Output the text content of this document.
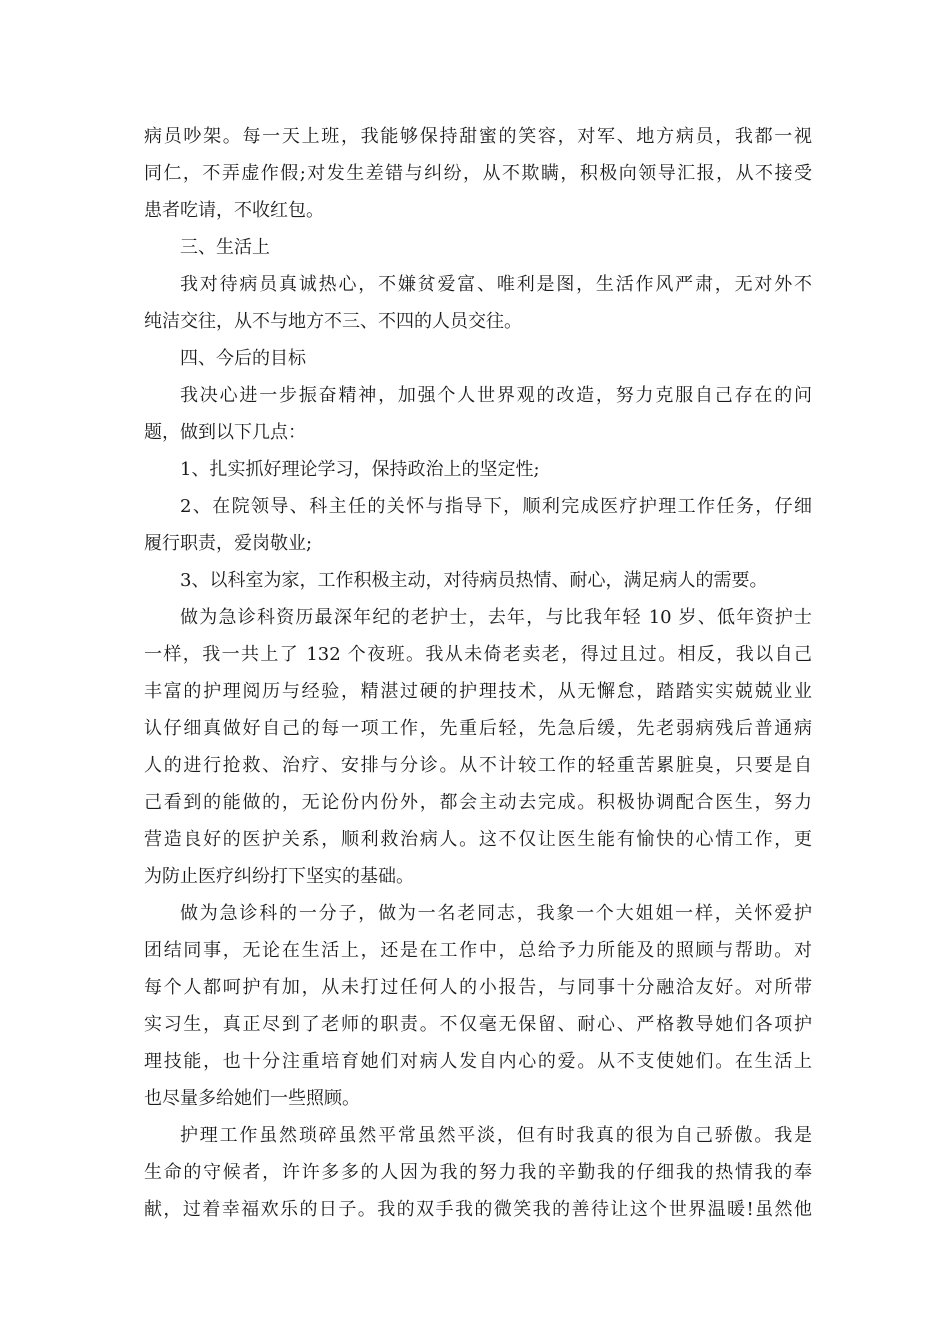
病员吵架。每一天上班，我能够保持甜蜜的笑容，对军、地方病员，我都一视
同仁，不弄虚作假;对发生差错与纠纷，从不欺瞒，积极向领导汇报，从不接受
患者吃请，不收红包。
三、生活上
我对待病员真诚热心，不嫌贫爱富、唯利是图，生活作风严肃，无对外不
纯洁交往，从不与地方不三、不四的人员交往。
四、今后的目标
我决心进一步振奋精神，加强个人世界观的改造，努力克服自己存在的问
题，做到以下几点：
1、扎实抓好理论学习，保持政治上的坚定性;
2、在院领导、科主任的关怀与指导下，顺利完成医疗护理工作任务，仔细
履行职责，爱岗敬业;
3、以科室为家，工作积极主动，对待病员热情、耐心，满足病人的需要。
做为急诊科资历最深年纪的老护士，去年，与比我年轻 10 岁、低年资护士
一样，我一共上了 132 个夜班。我从未倚老卖老，得过且过。相反，我以自己
丰富的护理阅历与经验，精湛过硬的护理技术，从无懈怠，踏踏实实兢兢业业
认仔细真做好自己的每一项工作，先重后轻，先急后缓，先老弱病残后普通病
人的进行抢救、治疗、安排与分诊。从不计较工作的轻重苦累脏臭，只要是自
己看到的能做的，无论份内份外，都会主动去完成。积极协调配合医生，努力
营造良好的医护关系，顺利救治病人。这不仅让医生能有愉快的心情工作，更
为防止医疗纠纷打下坚实的基础。
做为急诊科的一分子，做为一名老同志，我象一个大姐姐一样，关怀爱护
团结同事，无论在生活上，还是在工作中，总给予力所能及的照顾与帮助。对
每个人都呵护有加，从未打过任何人的小报告，与同事十分融洽友好。对所带
实习生，真正尽到了老师的职责。不仅毫无保留、耐心、严格教导她们各项护
理技能，也十分注重培育她们对病人发自内心的爱。从不支使她们。在生活上
也尽量多给她们一些照顾。
护理工作虽然琐碎虽然平常虽然平淡，但有时我真的很为自己骄傲。我是
生命的守候者，许许多多的人因为我的努力我的辛勤我的仔细我的热情我的奉
献，过着幸福欢乐的日子。我的双手我的微笑我的善待让这个世界温暖!虽然他
